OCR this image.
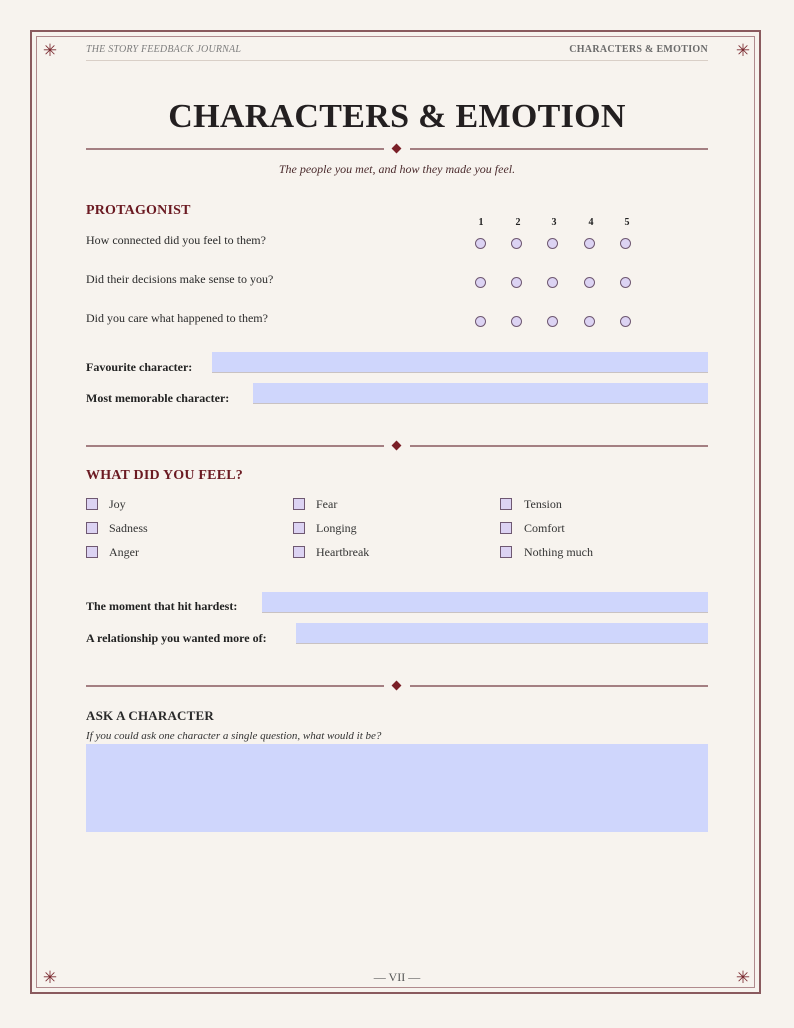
✳	✳
✳	✳
THE STORY FEEDBACK JOURNAL	CHARACTERS & EMOTION
CHARACTERS & EMOTION
The people you met, and how they made you feel.
PROTAGONIST
1	2	3	4	5
How connected did you feel to them?
Did their decisions make sense to you?
Did you care what happened to them?
Favourite character:
Most memorable character:
WHAT DID YOU FEEL?
Joy	Fear	Tension
Sadness	Longing	Comfort
Anger	Heartbreak	Nothing much
The moment that hit hardest:
A relationship you wanted more of:
ASK A CHARACTER
If you could ask one character a single question, what would it be?
— VII —
